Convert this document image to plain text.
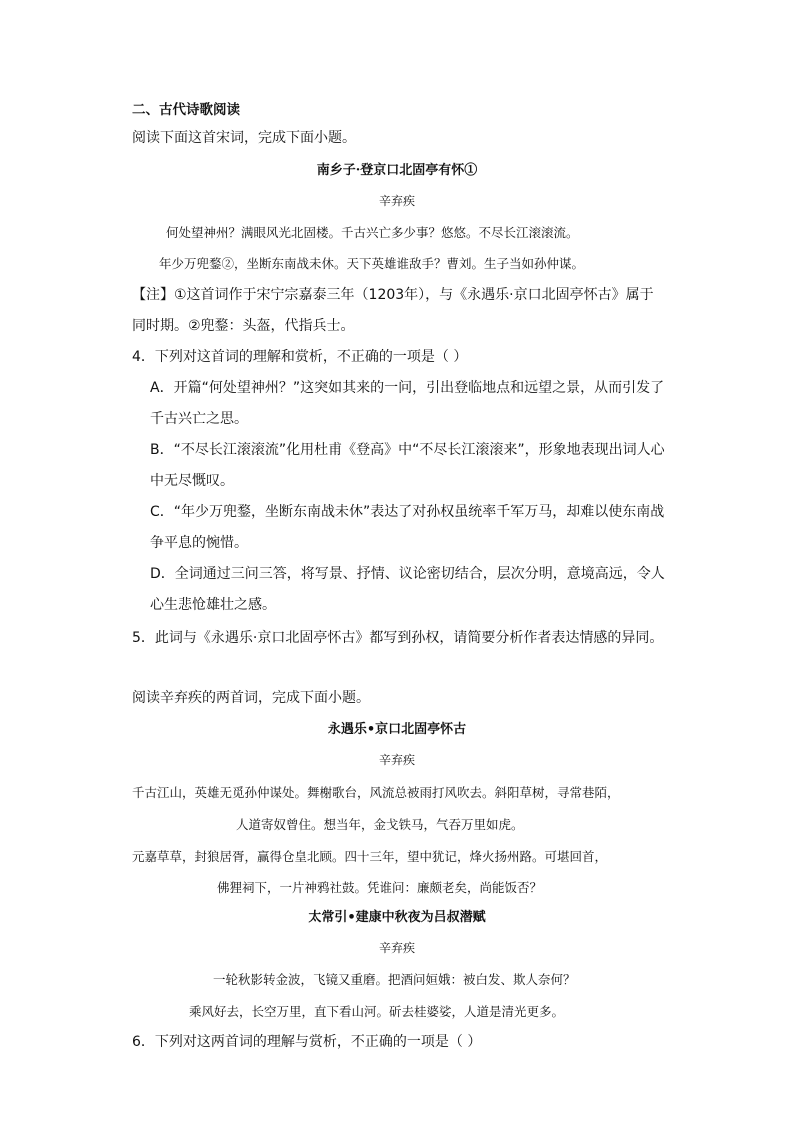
二、古代诗歌阅读
阅读下面这首宋词，完成下面小题。
南乡子·登京口北固亭有怀①
辛弃疾
何处望神州？满眼风光北固楼。千古兴亡多少事？悠悠。不尽长江滚滚流。
年少万兜鍪②，坐断东南战未休。天下英雄谁敌手？曹刘。生子当如孙仲谋。
【注】①这首词作于宋宁宗嘉泰三年（1203年），与《永遇乐·京口北固亭怀古》属于
同时期。②兜鍪：头盔，代指兵士。
4．下列对这首词的理解和赏析，不正确的一项是（ ）
A．开篇“何处望神州？”这突如其来的一问，引出登临地点和远望之景，从而引发了
千古兴亡之思。
B．“不尽长江滚滚流”化用杜甫《登高》中“不尽长江滚滚来”，形象地表现出词人心
中无尽慨叹。
C．“年少万兜鍪，坐断东南战未休”表达了对孙权虽统率千军万马，却难以使东南战
争平息的惋惜。
D．全词通过三问三答，将写景、抒情、议论密切结合，层次分明，意境高远，令人
心生悲怆雄壮之感。
5．此词与《永遇乐·京口北固亭怀古》都写到孙权，请简要分析作者表达情感的异同。
阅读辛弃疾的两首词，完成下面小题。
永遇乐•京口北固亭怀古
辛弃疾
千古江山，英雄无觅孙仲谋处。舞榭歌台，风流总被雨打风吹去。斜阳草树，寻常巷陌，
人道寄奴曾住。想当年，金戈铁马，气吞万里如虎。
元嘉草草，封狼居胥，赢得仓皇北顾。四十三年，望中犹记，烽火扬州路。可堪回首，
佛狸祠下，一片神鸦社鼓。凭谁问：廉颇老矣，尚能饭否？
太常引•建康中秋夜为吕叔潜赋
辛弃疾
一轮秋影转金波，飞镜又重磨。把酒问姮娥：被白发、欺人奈何？
乘风好去，长空万里，直下看山河。斫去桂婆娑，人道是清光更多。
6．下列对这两首词的理解与赏析，不正确的一项是（ ）
